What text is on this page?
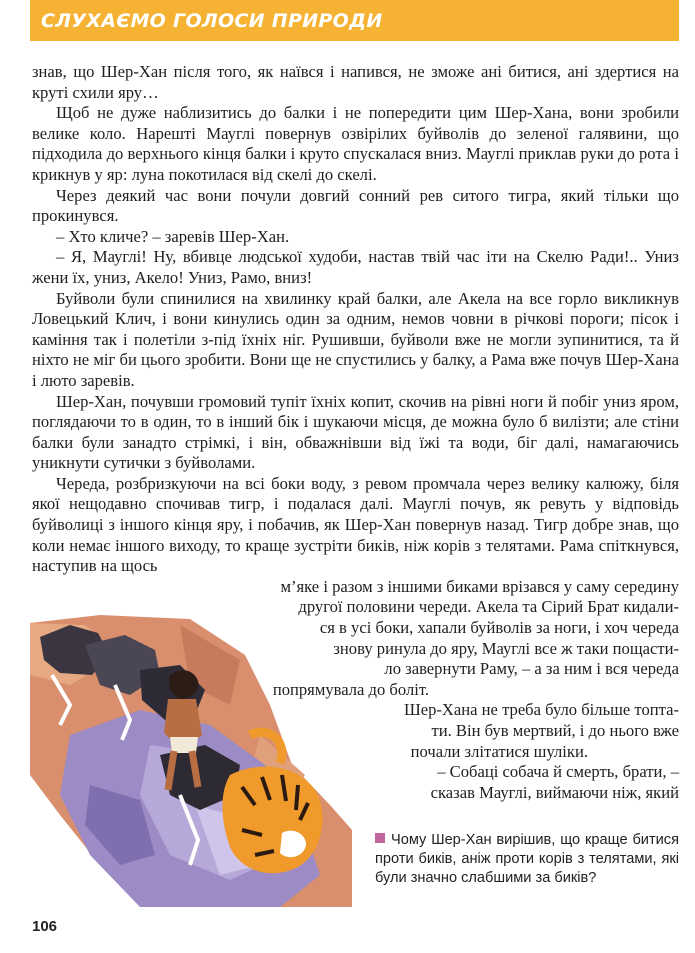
СЛУХАЄМО ГОЛОСИ ПРИРОДИ

знав, що Шер-Хан після того, як наївся і напився, не зможе ані битися, ані здертися на круті схили яру…

Щоб не дуже наблизитись до балки і не попередити цим Шер-Хана, вони зробили велике коло. Нарешті Мауглі повернув озвірілих буйволів до зеленої галявини, що підходила до верхнього кінця балки і круто спускалася вниз. Мауглі приклав руки до рота і крикнув у яр: луна покотилася від скелі до скелі.

Через деякий час вони почули довгий сонний рев ситого тигра, який тільки що прокинувся.

– Хто кличе? – заревів Шер-Хан.

– Я, Мауглі! Ну, вбивце людської худоби, настав твій час іти на Скелю Ради!.. Униз жени їх, униз, Акело! Униз, Рамо, вниз!

Буйволи були спинилися на хвилинку край балки, але Акела на все горло викликнув Ловецький Клич, і вони кинулись один за одним, немов човни в річкові пороги; пісок і каміння так і полетіли з-під їхніх ніг. Рушивши, буйволи вже не могли зупинитися, та й ніхто не міг би цього зробити. Вони ще не спустились у балку, а Рама вже почув Шер-Хана і люто заревів.

Шер-Хан, почувши громовий тупіт їхніх копит, скочив на рівні ноги й побіг униз яром, поглядаючи то в один, то в інший бік і шукаючи місця, де можна було б вилізти; але стіни балки були занадто стрімкі, і він, обважнівши від їжі та води, біг далі, намагаючись уникнути сутички з буйволами.

Череда, розбризкуючи на всі боки воду, з ревом промчала через велику калюжу, біля якої нещодавно спочивав тигр, і подалася далі. Мауглі почув, як ревуть у відповідь буйволиці з іншого кінця яру, і побачив, як Шер-Хан повернув назад. Тигр добре знав, що коли немає іншого виходу, то краще зустріти биків, ніж корів з телятами. Рама спіткнувся, наступив на щось

м’яке і разом з іншими биками врізався у саму середину

другої половини череди. Акела та Сірий Брат кидали-

ся в усі боки, хапали буйволів за ноги, і хоч череда

знову ринула до яру, Мауглі все ж таки пощасти-

ло завернути Раму, – а за ним і вся череда

попрямувала до боліт.

Шер-Хана не треба було більше топта-

ти. Він був мертвий, і до нього вже

почали злітатися шуліки.

– Собаці собача й смерть, брати, –

сказав Мауглі, виймаючи ніж, який

Чому Шер-Хан вирішив, що краще битися проти биків, аніж проти корів з телятами, які були значно слабшими за биків?
106
